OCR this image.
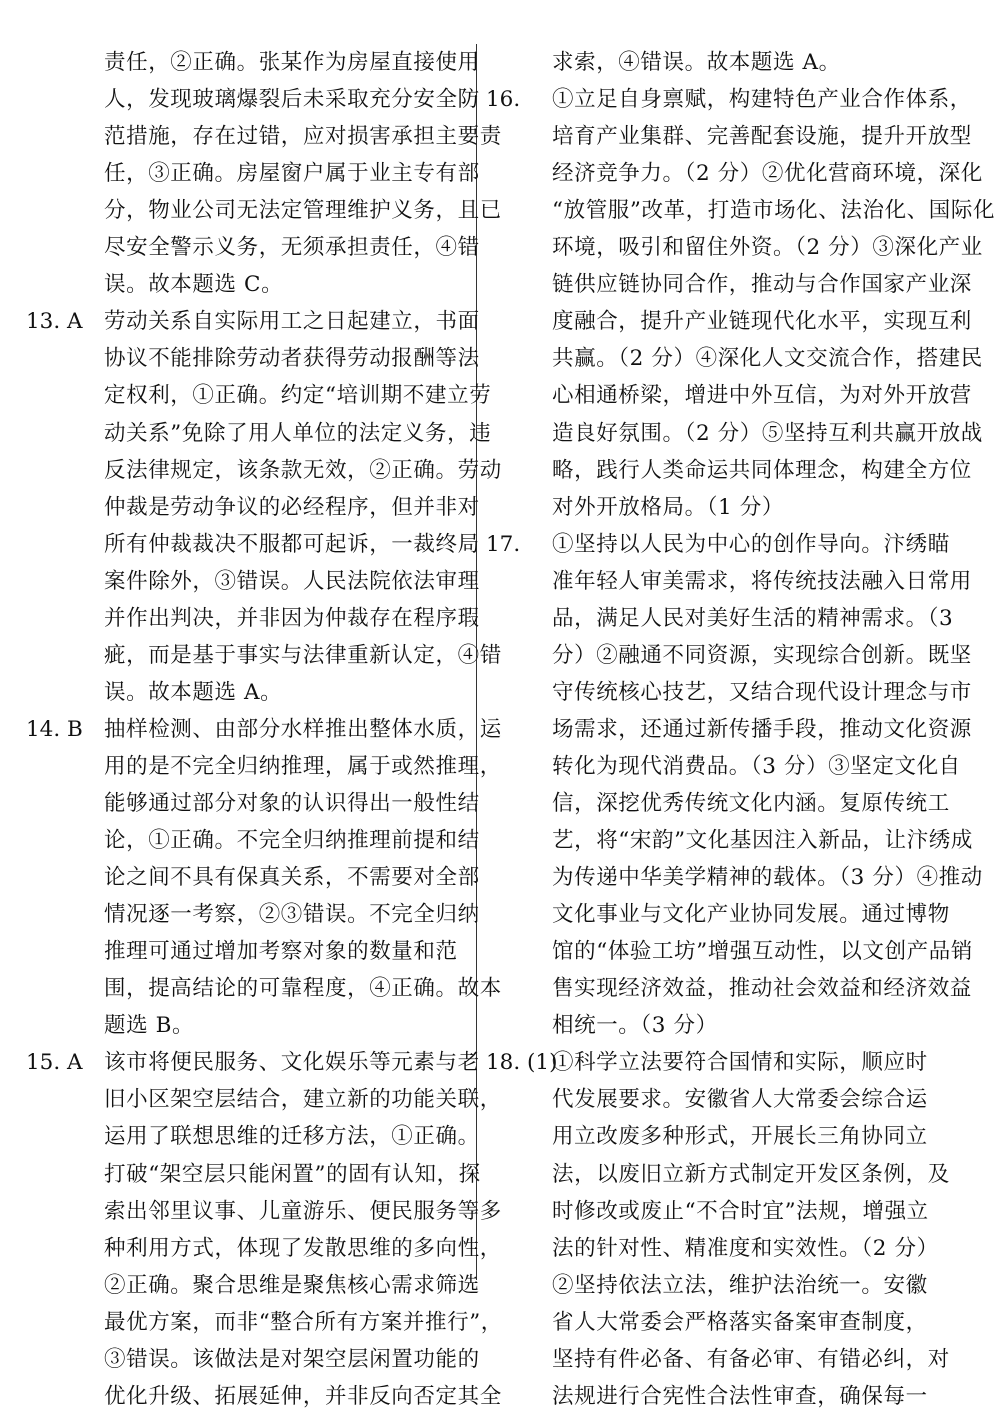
责任，②正确。张某作为房屋直接使用
人，发现玻璃爆裂后未采取充分安全防
范措施，存在过错，应对损害承担主要责
任，③正确。房屋窗户属于业主专有部
分，物业公司无法定管理维护义务，且已
尽安全警示义务，无须承担责任，④错
误。故本题选 C。
13. A 劳动关系自实际用工之日起建立，书面
协议不能排除劳动者获得劳动报酬等法
定权利，①正确。约定“培训期不建立劳
动关系”免除了用人单位的法定义务，违
反法律规定，该条款无效，②正确。劳动
仲裁是劳动争议的必经程序，但并非对
所有仲裁裁决不服都可起诉，一裁终局
案件除外，③错误。人民法院依法审理
并作出判决，并非因为仲裁存在程序瑕
疵，而是基于事实与法律重新认定，④错
误。故本题选 A。
14. B 抽样检测、由部分水样推出整体水质，运
用的是不完全归纳推理，属于或然推理，
能够通过部分对象的认识得出一般性结
论，①正确。不完全归纳推理前提和结
论之间不具有保真关系，不需要对全部
情况逐一考察，②③错误。不完全归纳
推理可通过增加考察对象的数量和范
围，提高结论的可靠程度，④正确。故本
题选 B。
15. A 该市将便民服务、文化娱乐等元素与老
旧小区架空层结合，建立新的功能关联，
运用了联想思维的迁移方法，①正确。
打破“架空层只能闲置”的固有认知，探
索出邻里议事、儿童游乐、便民服务等多
种利用方式，体现了发散思维的多向性，
②正确。聚合思维是聚焦核心需求筛选
最优方案，而非“整合所有方案并推行”，
③错误。该做法是对架空层闲置功能的
优化升级、拓展延伸，并非反向否定其全
求索，④错误。故本题选 A。
16. ①立足自身禀赋，构建特色产业合作体系，
培育产业集群、完善配套设施，提升开放型
经济竞争力。（2 分）②优化营商环境，深化
“放管服”改革，打造市场化、法治化、国际化
环境，吸引和留住外资。（2 分）③深化产业
链供应链协同合作，推动与合作国家产业深
度融合，提升产业链现代化水平，实现互利
共赢。（2 分）④深化人文交流合作，搭建民
心相通桥梁，增进中外互信，为对外开放营
造良好氛围。（2 分）⑤坚持互利共赢开放战
略，践行人类命运共同体理念，构建全方位
对外开放格局。（1 分）
17. ①坚持以人民为中心的创作导向。汴绣瞄
准年轻人审美需求，将传统技法融入日常用
品，满足人民对美好生活的精神需求。（3
分）②融通不同资源，实现综合创新。既坚
守传统核心技艺，又结合现代设计理念与市
场需求，还通过新传播手段，推动文化资源
转化为现代消费品。（3 分）③坚定文化自
信，深挖优秀传统文化内涵。复原传统工
艺，将“宋韵”文化基因注入新品，让汴绣成
为传递中华美学精神的载体。（3 分）④推动
文化事业与文化产业协同发展。通过博物
馆的“体验工坊”增强互动性，以文创产品销
售实现经济效益，推动社会效益和经济效益
相统一。（3 分）
18. (1)
①科学立法要符合国情和实际，顺应时
代发展要求。安徽省人大常委会综合运
用立改废多种形式，开展长三角协同立
法，以废旧立新方式制定开发区条例，及
时修改或废止“不合时宜”法规，增强立
法的针对性、精准度和实效性。（2 分）
②坚持依法立法，维护法治统一。安徽
省人大常委会严格落实备案审查制度，
坚持有件必备、有备必审、有错必纠，对
法规进行合宪性合法性审查，确保每一
